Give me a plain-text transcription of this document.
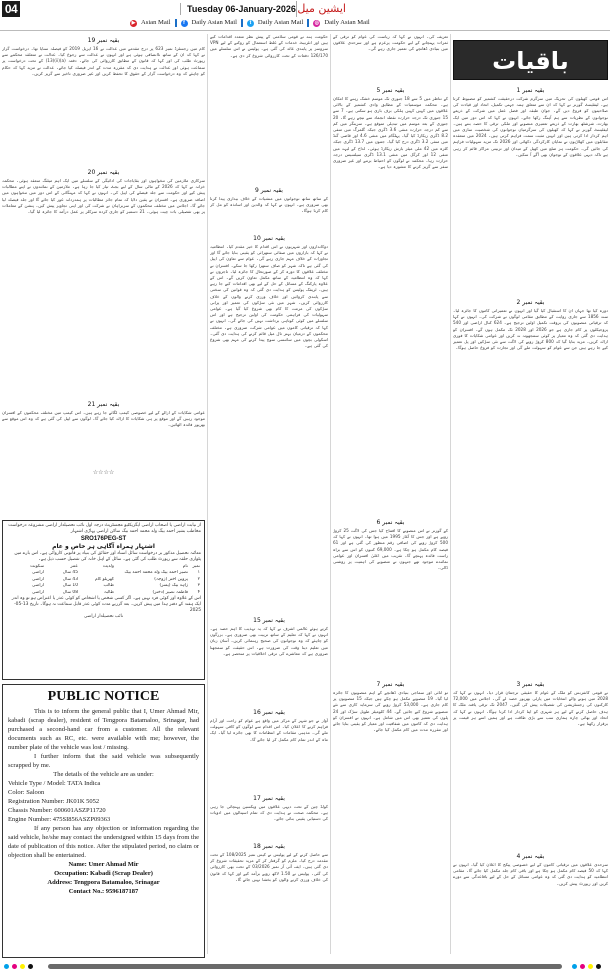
04	Tuesday 06-January-2026 ایشین میل
▶ Asian Mail	f	Daily Asian Mail	t	Daily Asian Mail ◎ Daily Asian Mail
باقیات
بقیہ نمبر 1
اس قومی کھیلوں کی تحریک میں سرگرم شرکت درحقیقت کشمیر کو مضبوط کرتا ہے۔ لیفٹیننٹ گورنر نے کہا کہ ان سے متعلق ہمہ جہتی تکمیل، اتحاد اور قیادت کی صلاحیتوں کو فروغ دیں گے۔ جوان طبقہ اور فضل عمل میں شرکت کے ذریعے نوجوانوں کے نظریات سے ہم آہنگ رکھا جائے۔ انہوں نے کہا کہ اس دور میں ایک بھارت، شرشٹھ بھارت کے ذریعے تعمیری منصوبے اور ملکی ترقی کا حصہ بنتے ہیں۔ لیفٹیننٹ گورنر نے کہا کہ کھیلوں کی سرگرمیاں نوجوانوں کی شخصیت سازی میں اہم کردار ادا کرتی ہیں اور انہیں مثبت سمت فراہم کرتی ہیں۔ 2024 میں منعقدہ مقابلوں میں کھلاڑیوں نے نمایاں کارکردگی دکھائی اور 2026 تک مزید سہولیات فراہم کی جائیں گی۔ حکومت ہر ضلع میں کھیل کے میدان اور تربیتی مراکز قائم کر رہی ہے تاکہ دیہی علاقوں کے نوجوان بھی آگے آ سکیں۔
بقیہ نمبر 2
دورہ کیا تھا جہاں ان کا استقبال کیا گیا اور انہوں نے تعمیراتی کاموں کا جائزہ لیا۔ سنہ 1856 سے جاری روایت کے مطابق مقامی لوگوں نے شرکت کی۔ انہوں نے کہا کہ ترقیاتی منصوبوں کی بروقت تکمیل اولین ترجیح ہے۔ 624 کنال اراضی اور 540 پروجیکٹوں پر کام جاری ہے جو 2026 اور 2028 تک مکمل ہوں گے۔ افسران کو ہدایت دی گئی کہ وہ معیار پر کوئی سمجھوتہ نہ کریں اور عوامی شکایات کا فوری ازالہ کریں۔ مزید بتایا گیا کہ 800 کروڑ روپے کی لاگت سے نئی سڑکیں اور پل تعمیر کیے جا رہے ہیں جن سے عوام کو سہولت ملے گی اور تجارت کو فروغ حاصل ہوگا۔
بقیہ نمبر 3
نے قومی کانفرنس کو ملک کے عوام کا حقیقی ترجمان قرار دیا۔ انہوں نے کہا کہ 2028 میں ہونے والے انتخابات میں پارٹی بھرپور حصہ لے گی۔ اجلاس میں 72,000 کارکنوں کی رجسٹریشن کی تفصیلات پیش کی گئیں۔ 2047 تک ترقی یافتہ ملک کا ہدف حاصل کرنے کے لیے ہر شہری کو اپنا کردار ادا کرنا ہوگا۔ انہوں نے کہا کہ اتحاد اور بھائی چارہ ہماری سب سے بڑی طاقت ہے اور ہمیں اسے ہر قیمت پر برقرار رکھنا ہے۔
بقیہ نمبر 4
سرحدی علاقوں میں ترقیاتی کاموں کے لیے خصوصی پیکج کا اعلان کیا گیا۔ انہوں نے کہا کہ 50 فیصد کام مکمل ہو چکا ہے اور باقی کام جلد مکمل کیا جائے گا۔ مقامی انتظامیہ کو ہدایت دی گئی کہ وہ عوامی مسائل کے حل کے لیے باقاعدگی سے دورے کریں اور رپورٹ پیش کریں۔
تعریف کی۔ انہوں نے کہا کہ ریاست کی عوام کو ترقی کے ثمرات پہنچانے کے لیے حکومت پرعزم ہے اور سرحدی علاقوں میں بنیادی ڈھانچے کی تعمیر جاری رہے گی۔
بقیہ نمبر 5
کے تناظر میں 5 سے 18 جنوری تک موسم خشک رہنے کا امکان ہے۔ محکمہ موسمیات کے مطابق وادی کشمیر کے بالائی علاقوں میں کہیں کہیں ہلکی برف باری ہو سکتی ہے۔ 7 سے 15 جنوری تک درجہ حرارت نقطہ انجماد سے نیچے رہے گا۔ 20 جنوری کے بعد موسم میں تبدیلی متوقع ہے۔ سرینگر میں کم سے کم درجہ حرارت منفی 3.6 ڈگری جبکہ گلمرگ میں منفی 8.2 ڈگری ریکارڈ کیا گیا۔ پہلگام میں منفی 4.6 اور قاضی گنڈ میں منفی 3.2 ڈگری درج کیا گیا۔ جموں میں 13.7 ڈگری جبکہ کٹرہ میں 42 ملی میٹر بارش ریکارڈ ہوئی۔ لداخ کے لیہہ میں منفی 12 اور کرگل میں منفی 13.1 ڈگری سیلسیس درجہ حرارت رہا۔ محکمہ نے لوگوں کو احتیاط برتنے اور غیر ضروری سفر سے گریز کرنے کا مشورہ دیا ہے۔
بقیہ نمبر 6
کے گورنر نے اس منصوبے کا افتتاح کیا جس کی لاگت 25 کروڑ روپے ہے اور جس کا آغاز 1995 میں ہوا تھا۔ انہوں نے کہا کہ 500 کروڑ روپے کی اضافی رقم منظور کی گئی ہے اور 61 فیصد کام مکمل ہو چکا ہے۔ 69,000 کنبوں کو اس سے براہ راست فائدہ پہنچے گا۔ تقریب میں اعلیٰ افسران اور عوامی نمائندے موجود تھے جنہوں نے منصوبے کی اہمیت پر روشنی ڈالی۔
بقیہ نمبر 7
تو انائی اور سماجی بنیادی ڈھانچے کے اہم منصوبوں کا جائزہ لیا گیا۔ 19 منصوبے مکمل ہو چکے ہیں جبکہ 15 منصوبوں پر کام جاری ہے۔ 53,000 کروڑ روپے کی سرمایہ کاری سے نئے منصوبے شروع کیے جائیں گے۔ 44 کلومیٹر طویل سڑک اور 24 پلوں کی تعمیر بھی اس میں شامل ہے۔ انہوں نے افسران کو ہدایت دی کہ کاموں میں شفافیت اور معیار کو یقینی بنایا جائے اور مقررہ مدت میں کام مکمل کیا جائے۔
حکومت ہند نے قومی سلامتی کے پیش نظر متعدد اقدامات کیے ہیں اور انٹرنیٹ خدمات کے غلط استعمال کو روکنے کے لیے VPN سروسز پر پابندی عائد کی گئی ہے۔ پولیس نے اس سلسلے میں 126/170 دفعات کے تحت کارروائی شروع کر دی ہے۔
بقیہ نمبر 9
کے ساتھ ساتھ نوجوانوں میں منشیات کے خلاف بیداری پیدا کرنا بھی ضروری ہے۔ انہوں نے کہا کہ والدین اور اساتذہ کو مل کر کام کرنا ہوگا۔
بقیہ نمبر 10
دوکانداروں اور شہریوں نے اس اقدام کا خیر مقدم کیا۔ انتظامیہ نے کہا کہ بازاروں میں صفائی ستھرائی کو یقینی بنایا جائے گا اور تجاوزات کے خلاف مہم جاری رہے گی۔ عوام سے تعاون کی اپیل کی گئی ہے تاکہ شہر کو صاف ستھرا رکھا جا سکے۔ افسران نے مختلف علاقوں کا دورہ کر کے صورتحال کا جائزہ لیا۔ تاجروں نے کہا کہ وہ انتظامیہ کے ساتھ مکمل تعاون کریں گے۔ اس کے علاوہ پارکنگ کے مسائل کے حل کے لیے بھی اقدامات کیے جا رہے ہیں۔ ٹریفک پولیس کو ہدایت دی گئی کہ وہ قوانین کی سختی سے پابندی کروائیں اور خلاف ورزی کرنے والوں کے خلاف کارروائی کریں۔ شہر میں نئی سڑکوں کی تعمیر اور پرانی سڑکوں کی مرمت کا کام بھی شروع کیا گیا ہے۔ عوامی سہولیات کی فراہمی حکومت کی اولین ترجیح ہے اور اس سلسلے میں کوئی کوتاہی برداشت نہیں کی جائے گی۔ انہوں نے کہا کہ ترقیاتی کاموں میں عوامی شرکت ضروری ہے۔ مختلف محکموں کے درمیان بہتر تال میل قائم کرنے کی ہدایت دی گئی۔ اسکولی بچوں میں سائنسی سوچ پیدا کرنے کی مہم بھی شروع کی گئی ہے۔
بقیہ نمبر 15
کرتے ہوئے عالمی اشرف نے کہا کہ یہ تہذیب کا اہم حصہ ہے۔ انہوں نے کہا کہ تعلیم کے ساتھ تربیت بھی ضروری ہے۔ بزرگوں کو چاہئے کہ وہ نوجوانوں کی صحیح رہنمائی کریں۔ آسان زبان میں تعلیم دینا وقت کی ضرورت ہے۔ اس حقیقت کو سمجھنا ضروری ہے کہ معاشرے کی ترقی اخلاقیات پر منحصر ہے۔
بقیہ نمبر 16
آواز نے جو شہر کے مرکز میں واقع ہے عوام کو راحت اور آرام فراہم کرنے کا اعلان کیا۔ اس اقدام سے لوگوں کو کافی سہولت ملے گی۔ مذہبی مقامات کے انتظامات کا بھی جائزہ لیا گیا۔ ایک ماہ کے اندر تمام کام مکمل کر لیا جائے گا۔
بقیہ نمبر 17
کولڈ چین کے تحت دیہی علاقوں میں ویکسین پہنچائی جا رہی ہے۔ محکمہ صحت نے ہدایت دی کہ تمام اسپتالوں میں ادویات کی دستیابی یقینی بنائی جائے۔
بقیہ نمبر 18
سے حاصل کرنے کے لیے پولیس نے کیس نمبر 108/2025 کے تحت مقدمہ درج کیا۔ ملزم کو گرفتار کر کے مزید تحقیقات شروع کر دی گئی ہیں۔ ایف آئی آر نمبر 03/2026 کے تحت بھی کارروائی کی گئی۔ پولیس نے 1.50 لاکھ روپے برآمد کیے اور کہا کہ قانون کی خلاف ورزی کرنے والوں کو بخشا نہیں جائے گا۔
بقیہ نمبر 19
کام میں رجسٹرڈ نمبر 623 پر درج مقدمے میں عدالت نے 16 اپریل 2019 کو فیصلہ سنایا تھا۔ درخواست گزار نے کہا کہ ان کے ساتھ ناانصافی ہوئی ہے اور انہوں نے عدالت سے رجوع کیا۔ عدالت نے متعلقہ محکمے سے رپورٹ طلب کی اور کہا کہ قانون کے مطابق کارروائی کی جائے۔ دفعہ (a)(ii)(13) کے تحت درخواست پر سماعت ہوئی اور عدالت نے ہدایت دی کہ مقررہ مدت کے اندر فیصلہ کیا جائے۔ عدالت نے مزید کہا کہ حکام کو چاہئے کہ وہ درخواست گزار کے حقوق کا تحفظ کریں اور غیر ضروری تاخیر سے گریز کریں۔
بقیہ نمبر 20
سرکاری ملازمین کی تنخواہوں اور بقایاجات کی ادائیگی کے سلسلے میں ایک اہم میٹنگ منعقد ہوئی۔ محکمہ خزانہ نے کہا کہ 2026 کے مالی سال کے لیے بجٹ تیار کیا جا رہا ہے۔ ملازمین کے نمائندوں نے اپنے مطالبات پیش کیے اور حکومت سے جلد فیصلے کی اپیل کی۔ انہوں نے کہا کہ مہنگائی کے اس دور میں تنخواہوں میں اضافہ ضروری ہے۔ افسران نے یقین دلایا کہ تمام جائز مطالبات پر ہمدردانہ غور کیا جائے گا اور جلد فیصلہ لیا جائے گا۔ اجلاس میں مختلف محکموں کے سربراہان نے شرکت کی اور اپنی تجاویز پیش کیں۔ پنشن کے معاملات پر بھی تفصیلی بات چیت ہوئی۔ 21 دسمبر کو جاری کردہ سرکلر پر عمل درآمد کا جائزہ لیا گیا۔
بقیہ نمبر 21
عوامی شکایات کے ازالے کے لیے خصوصی کیمپ لگائے جا رہے ہیں۔ اس کیمپ میں مختلف محکموں کے افسران موجود رہیں گے اور موقع پر ہی شکایات کا ازالہ کیا جائے گا۔ لوگوں سے اپیل کی گئی ہے کہ وہ اس موقع سے بھرپور فائدہ اٹھائیں۔
☆☆☆☆
از نیابت اراضی یا اصحاب اراضی ایگزیکٹیو مجسٹریٹ درجہ اول نائب تحصیلدار اراضی مشروعہ درخواست مخاطب بشیر احمد بیگ ولد محمد احمد بیگ ساکن اراضی پہاڑی اشتہار
SRO176PEG-ST
اشتہار ہمراہ آگاہی ہر خاص و عام
معائنہ تحصیل مذکور بر درخواست سائل اسناد اور حقائق کی بنیاد پر قانونی کاروائی ہے۔ اس بارے میں پٹواری حلقہ سے رپورٹ طلب کی گئی ہے۔ سائل کے اہل خانہ کی تفصیل حسب ذیل ہے۔
نمبر	نام	ولدیت	عمر	سکونت
۱	نصیر احمد بیگ ولد محمد احمد بیگ		45 سال	اراضی
۲	پروین اختر (زوجہ)	گھریلو کام	43 سال	اراضی
۳	زاہد بیگ (پسر)	طالب	10 سال	اراضی
۴	فاطمہ نصیر (دختر)	طالبہ	08 سال	اراضی
اس کے علاوہ اور کوئی فرد نہیں ہے۔ اگر کسی شخص یا اشخاص کو کوئی عذر یا اعتراض ہو تو وہ اندر ایک ہفتہ کے دفتر ہذا میں پیش کریں۔ بعد گزرنے مدت کوئی عذر قابل سماعت نہ ہوگا۔ تاریخ 13-05-2025
نائب تحصیلدار اراضی
PUBLIC NOTICE

This is to inform the general public that I, Umer Ahmad Mir, kabadi (scrap dealer), resident of Tengpora Batamaloo, Srinagar, had purchased a second-hand car from a customer. All the relevant documents such as RC, etc. were available with me; however, the number plate of the vehicle was lost / missing.

I further inform that the said vehicle was subsequently scrapped by me.

The details of the vehicle are as under:

Vehicle Type / Model: TATA Indica
Color: Saloon
Registration Number: JK01K 5052
Chassis Number: 600601ASZP11720
Engine Number: 475SI856ASZP09363

If any person has any objection or information regarding the said vehicle, he/she may contact the undersigned within 15 days from the date of publication of this notice. After the stipulated period, no claim or objection shall be entertained.

Name: Umer Ahmad Mir
Occupation: Kabadi (Scrap Dealer)
Address: Tengpora Batamaloo, Srinagar
Contact No.: 9596187187
